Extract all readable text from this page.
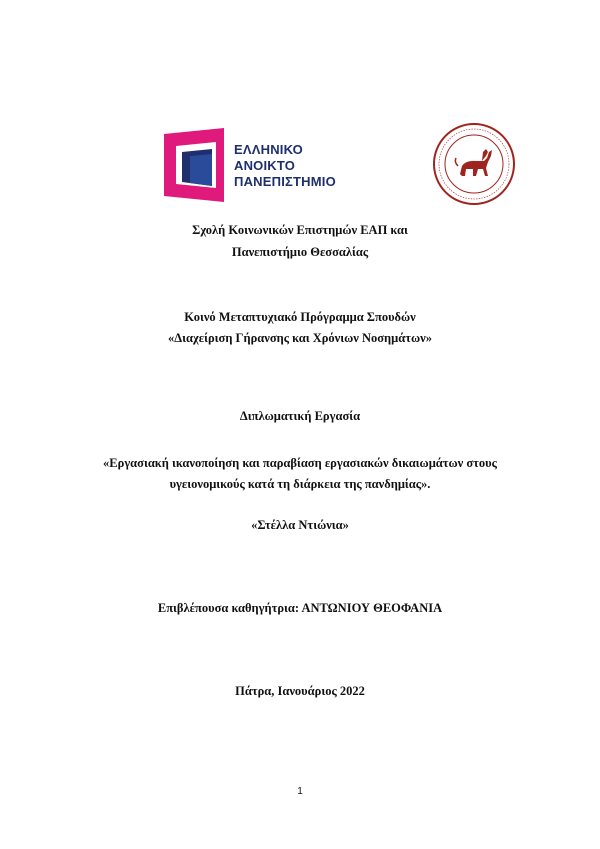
ΕΛΛΗΝΙΚΟ
ΑΝΟΙΚΤΟ
ΠΑΝΕΠΙΣΤΗΜΙΟ
Σχολή Κοινωνικών Επιστημών ΕΑΠ και
Πανεπιστήμιο Θεσσαλίας
Κοινό Μεταπτυχιακό Πρόγραμμα Σπουδών
«Διαχείριση Γήρανσης και Χρόνιων Νοσημάτων»
Διπλωματική Εργασία
«Εργασιακή ικανοποίηση και παραβίαση εργασιακών δικαιωμάτων στους
υγειονομικούς κατά τη διάρκεια της πανδημίας».
«Στέλλα Ντιώνια»
Επιβλέπουσα καθηγήτρια: ΑΝΤΩΝΙΟΥ ΘΕΟΦΑΝΙΑ
Πάτρα, Ιανουάριος 2022
1
